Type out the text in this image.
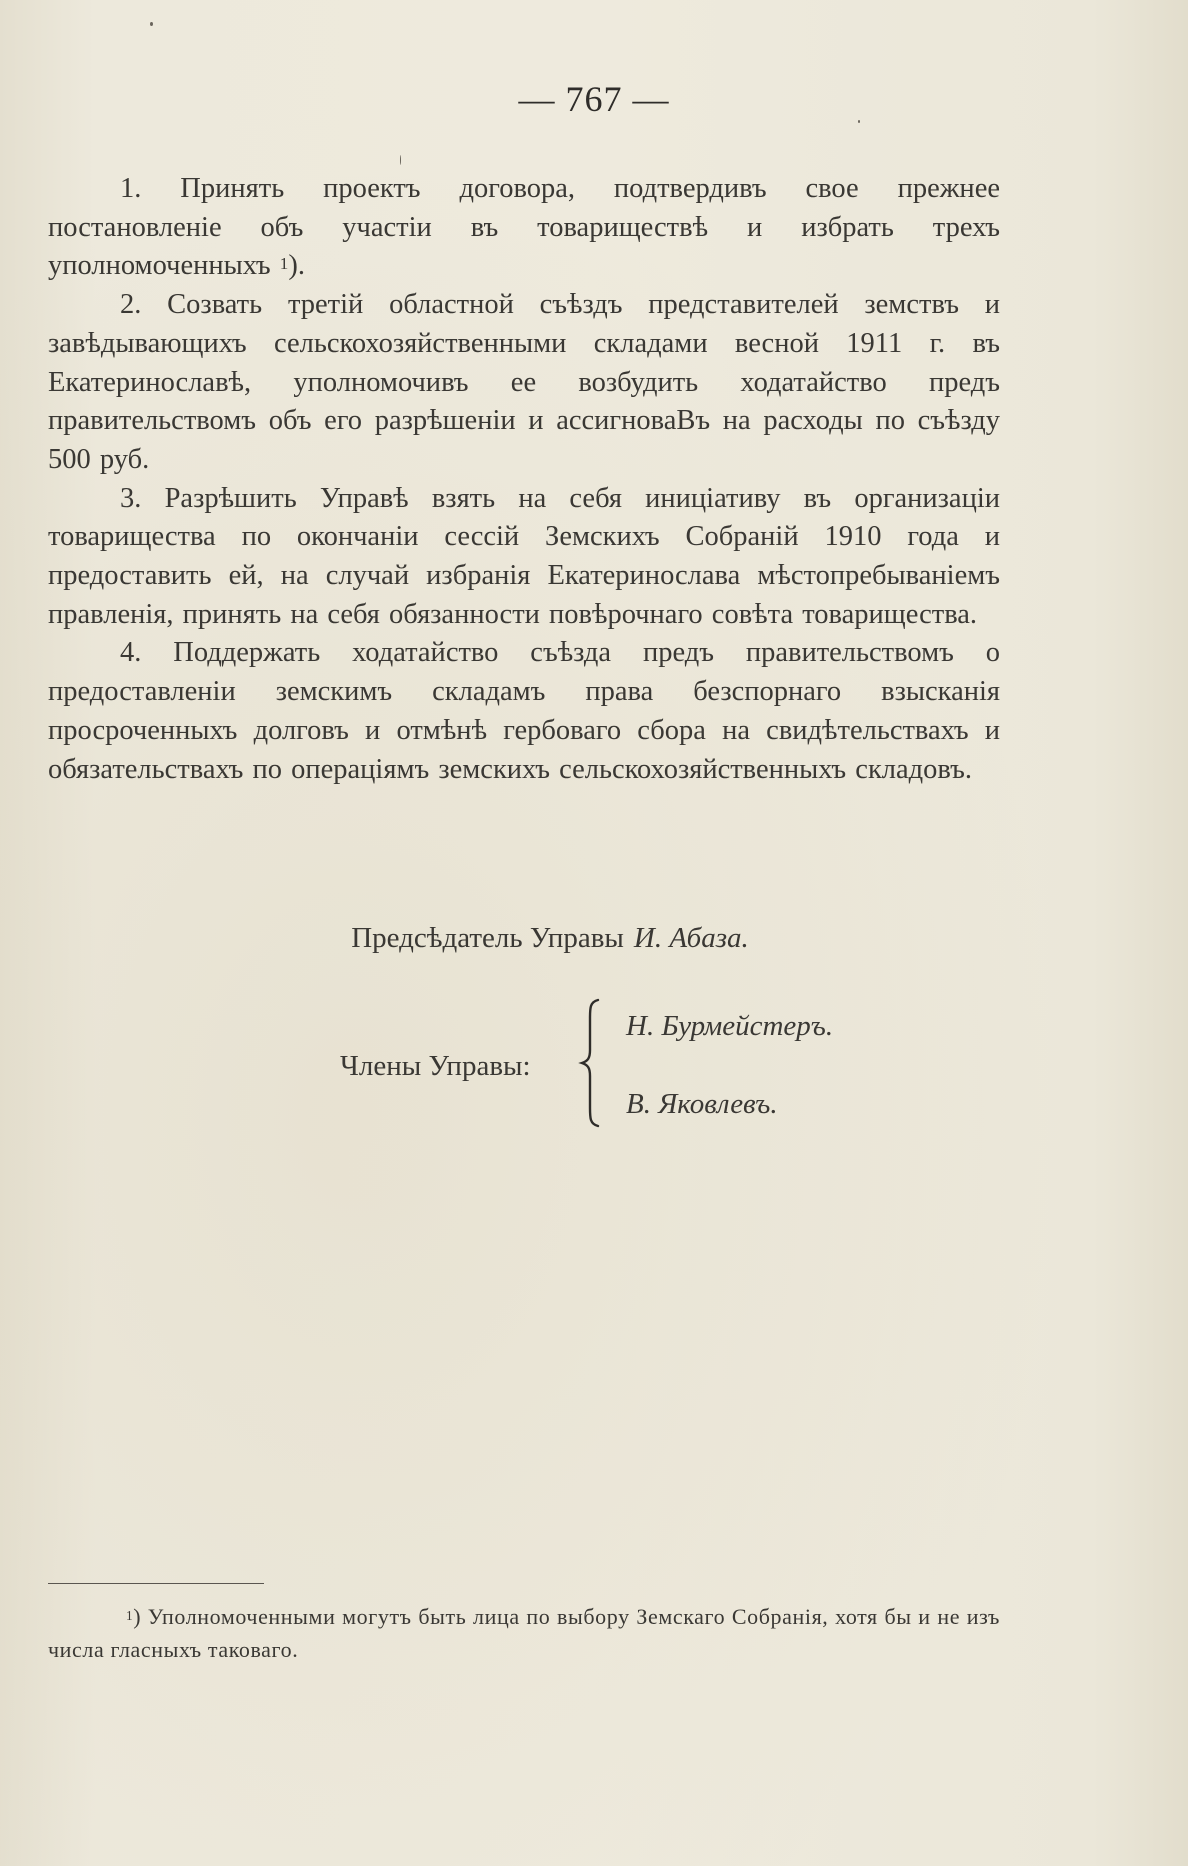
— 767 —

1. Принять проектъ договора, подтвердивъ свое прежнее постановленіе объ участіи въ товариществѣ и избрать трехъ уполномоченныхъ $^1$).

2. Созвать третій областной съѣздъ представителей земствъ и завѣдывающихъ сельскохозяйственными складами весной 1911 г. въ Екатеринославѣ, уполномочивъ ее возбудить ходатайство предъ правительствомъ объ его разрѣшеніи и ассигноваВъ на расходы по съѣзду 500 руб.

3. Разрѣшить Управѣ взять на себя иниціативу въ организаціи товарищества по окончаніи сессій Земскихъ Собраній 1910 года и предоставить ей, на случай избранія Екатеринослава мѣстопребываніемъ правленія, принять на себя обязанности повѣрочнаго совѣта товарищества.

4. Поддержать ходатайство съѣзда предъ правительствомъ о предоставленіи земскимъ складамъ права безспорнаго взысканія просроченныхъ долговъ и отмѣнѣ гербоваго сбора на свидѣтельствахъ и обязательствахъ по операціямъ земскихъ сельскохозяйственныхъ складовъ.

Предсѣдатель Управы И. Абаза.
Члены Управы:
Н. Бурмейстеръ.
В. Яковлевъ.

$^1$) Уполномоченными могутъ быть лица по выбору Земскаго Собранія, хотя бы и не изъ числа гласныхъ таковаго.
